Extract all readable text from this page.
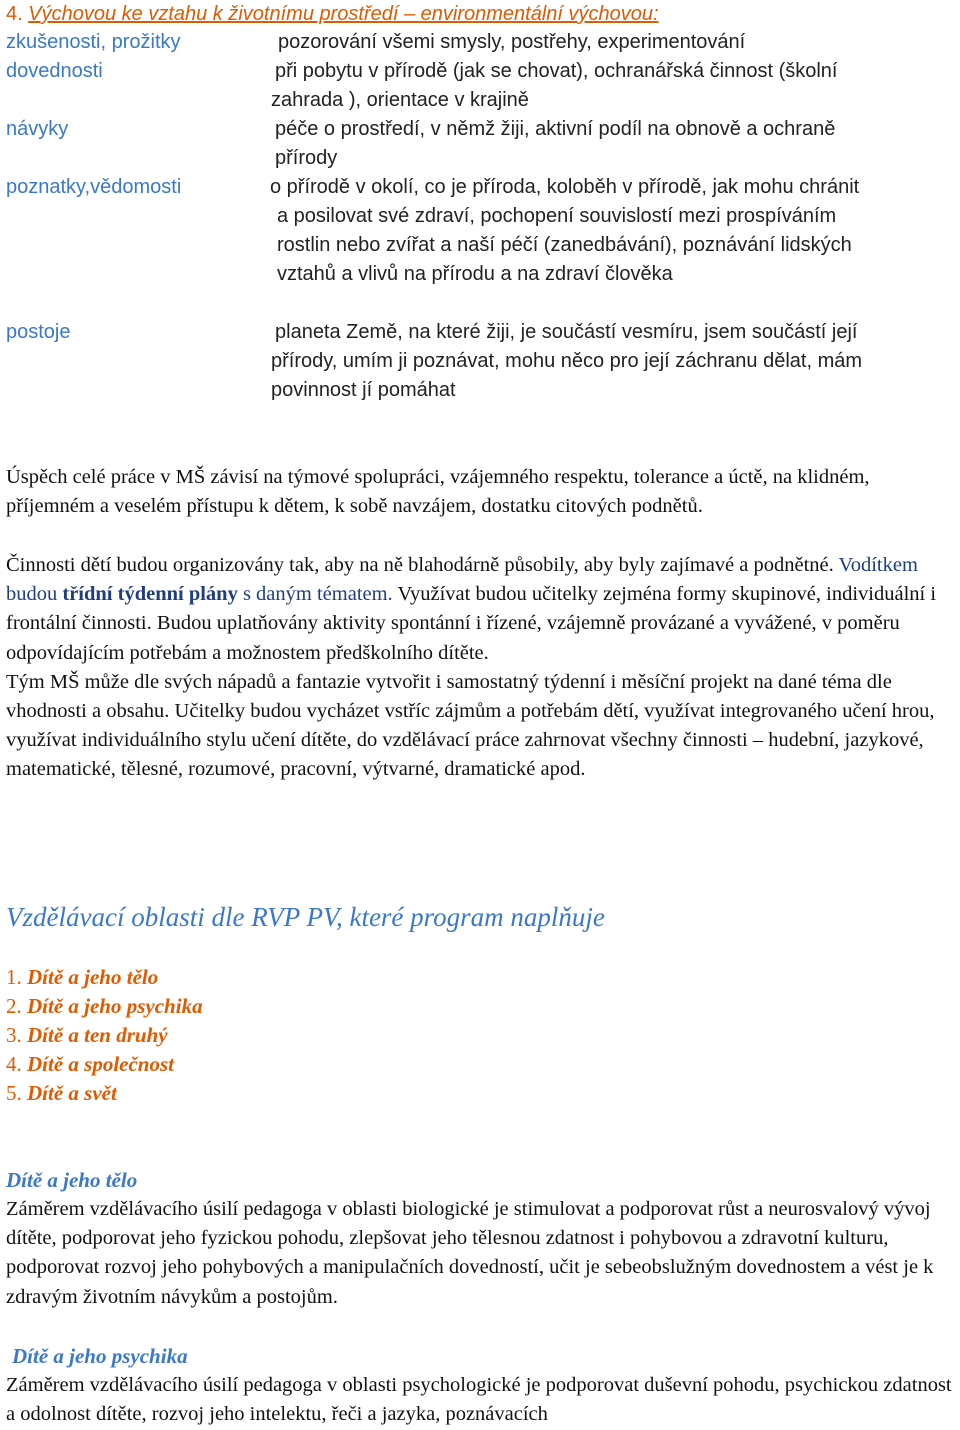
4. Výchovou ke vztahu k životnímu prostředí – environmentální výchovou:
zkušenosti, prožitky	pozorování všemi smysly, postřehy, experimentování
dovednosti	při pobytu v přírodě (jak se chovat), ochranářská činnost (školní
zahrada ), orientace v krajině
návyky	péče o prostředí, v němž žiji, aktivní podíl na obnově a ochraně
přírody
poznatky,vědomosti	o přírodě v okolí, co je příroda, koloběh v přírodě, jak mohu chránit
a posilovat své zdraví, pochopení souvislostí mezi prospíváním
rostlin nebo zvířat a naší péčí (zanedbávání), poznávání lidských
vztahů a vlivů na přírodu a na zdraví člověka
postoje	planeta Země, na které žiji, je součástí vesmíru, jsem součástí její
přírody, umím ji poznávat, mohu něco pro její záchranu dělat, mám
povinnost jí pomáhat
Úspěch celé práce v MŠ závisí na týmové spolupráci, vzájemného respektu, tolerance a úctě, na klidném, příjemném a veselém přístupu k dětem, k sobě navzájem, dostatku citových podnětů.
Činnosti dětí budou organizovány tak, aby na ně blahodárně působily, aby byly zajímavé a podnětné. Vodítkem budou třídní týdenní plány s daným tématem. Využívat budou učitelky zejména formy skupinové, individuální i frontální činnosti. Budou uplatňovány aktivity spontánní i řízené, vzájemně provázané a vyvážené, v poměru odpovídajícím potřebám a možnostem předškolního dítěte.
Tým MŠ může dle svých nápadů a fantazie vytvořit i samostatný týdenní i měsíční projekt na dané téma dle vhodnosti a obsahu. Učitelky budou vycházet vstříc zájmům a potřebám dětí, využívat integrovaného učení hrou, využívat individuálního stylu učení dítěte, do vzdělávací práce zahrnovat všechny činnosti – hudební, jazykové, matematické, tělesné, rozumové, pracovní, výtvarné, dramatické apod.
Vzdělávací oblasti dle RVP PV, které program naplňuje
1. Dítě a jeho tělo
2. Dítě a jeho psychika
3. Dítě a ten druhý
4. Dítě a společnost
5. Dítě a svět
Dítě a jeho tělo
Záměrem vzdělávacího úsilí pedagoga v oblasti biologické je stimulovat a podporovat růst a neurosvalový vývoj dítěte, podporovat jeho fyzickou pohodu, zlepšovat jeho tělesnou zdatnost i pohybovou a zdravotní kulturu, podporovat rozvoj jeho pohybových a manipulačních dovedností, učit je sebeobslužným dovednostem a vést je k zdravým životním návykům a postojům.
Dítě a jeho psychika
Záměrem vzdělávacího úsilí pedagoga v oblasti psychologické je podporovat duševní pohodu, psychickou zdatnost a odolnost dítěte, rozvoj jeho intelektu, řeči a jazyka, poznávacích
